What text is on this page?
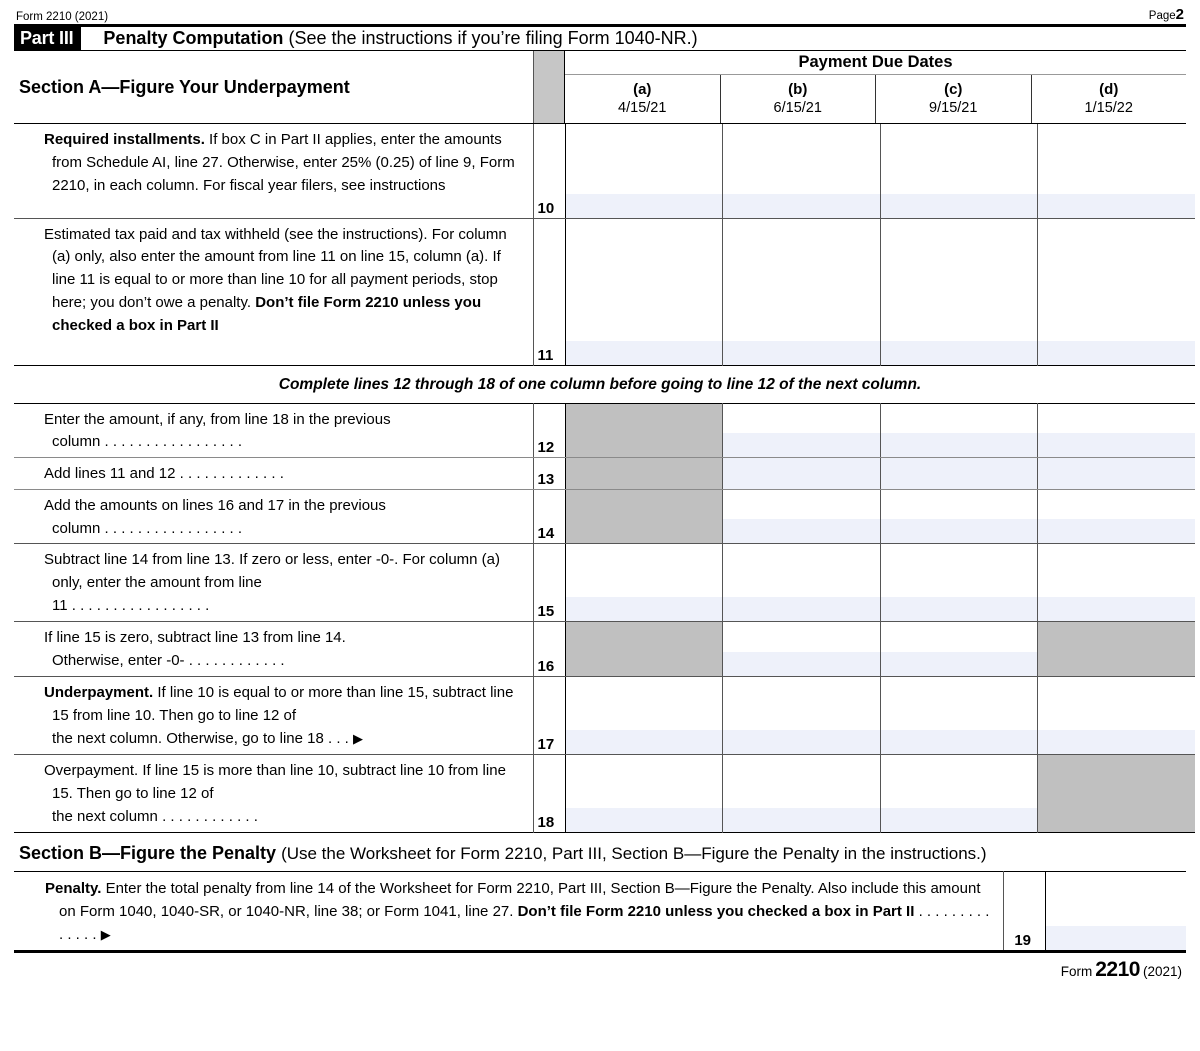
Form 2210 (2021)	Page2
Part III	Penalty Computation
(See the instructions if you’re filing Form 1040-NR.)
Section A—Figure Your Underpayment
Payment Due Dates
(a)
4/15/21
(b)
6/15/21
(c)
9/15/21
(d)
1/15/22
Required installments. If box C in Part II applies, enter the amounts from Schedule AI, line 27. Otherwise, enter 25% (0.25) of line 9, Form 2210, in each column. For fiscal year filers, see instructions	10				

Estimated tax paid and tax withheld (see the instructions). For column (a) only, also enter the amount from line 11 on line 15, column (a). If line 11 is equal to or more than line 10 for all payment periods, stop here; you don’t owe a penalty. Don’t file Form 2210 unless you checked a box in Part II	11				

Complete lines 12 through 18 of one column before going to line 12 of the next column.
Enter the amount, if any, from line 18 in the previous
column . . . . . . . . . . . . . . . . .	12				

Add lines 11 and 12 . . . . . . . . . . . . .	13				

Add the amounts on lines 16 and 17 in the previous
column . . . . . . . . . . . . . . . . .	14				

Subtract line 14 from line 13. If zero or less, enter -0-. For column (a) only, enter the amount from line
11 . . . . . . . . . . . . . . . . .	15				

If line 15 is zero, subtract line 13 from line 14.
Otherwise, enter -0- . . . . . . . . . . . .	16				

Underpayment. If line 10 is equal to or more than line 15, subtract line 15 from line 10. Then go to line 12 of
the next column. Otherwise, go to line 18 . . . ▶	17				

Overpayment. If line 15 is more than line 10, subtract line 10 from line 15. Then go to line 12 of
the next column . . . . . . . . . . . .	18				

Section B—Figure the Penalty (Use the Worksheet for Form 2210, Part III, Section B—Figure the Penalty in the instructions.)
Penalty. Enter the total penalty from line 14 of the Worksheet for Form 2210, Part III, Section B—Figure the Penalty. Also include this amount on Form 1040, 1040-SR, or 1040-NR, line 38; or Form 1041, line 27. Don’t file Form 2210 unless you checked a box in Part II . . . . . . . . . . . . . . ▶	19

Form 2210 (2021)
